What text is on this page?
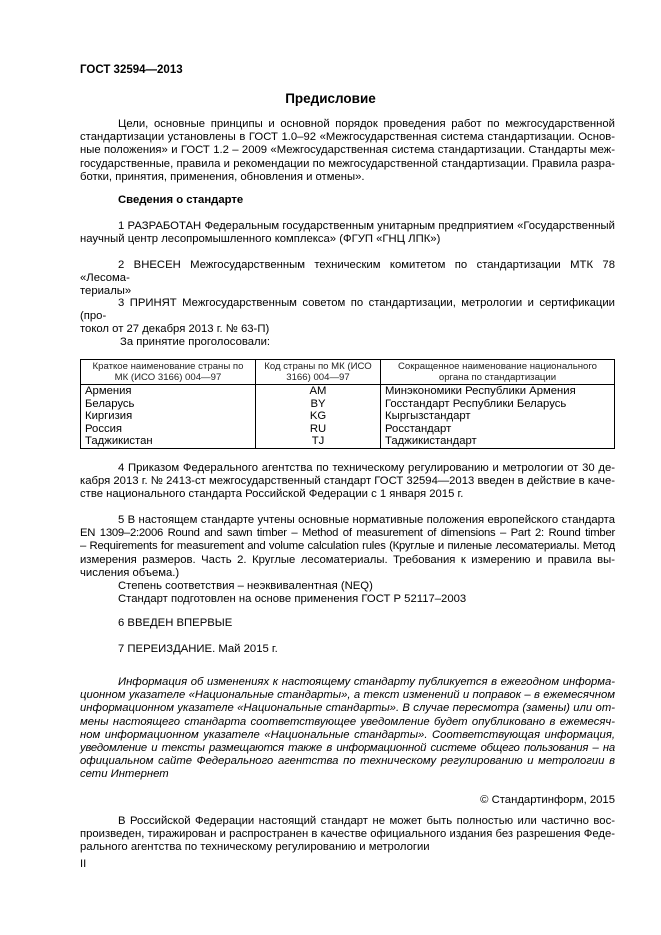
ГОСТ 32594—2013
Предисловие
Цели, основные принципы и основной порядок проведения работ по межгосударственной
стандартизации установлены в ГОСТ 1.0–92 «Межгосударственная система стандартизации. Основ-
ные положения» и ГОСТ 1.2 – 2009 «Межгосударственная система стандартизации. Стандарты меж-
государственные, правила и рекомендации по межгосударственной стандартизации. Правила разра-
ботки, принятия, применения, обновления и отмены».
Сведения о стандарте
1 РАЗРАБОТАН Федеральным государственным унитарным предприятием «Государственный
научный центр лесопромышленного комплекса» (ФГУП «ГНЦ ЛПК»)
2 ВНЕСЕН Межгосударственным техническим комитетом по стандартизации МТК 78 «Лесома-
териалы»
3 ПРИНЯТ Межгосударственным советом по стандартизации, метрологии и сертификации (про-
токол от 27 декабря 2013 г. № 63-П)
За принятие проголосовали:
Краткое наименование страны по МК (ИСО 3166) 004—97	Код страны по МК (ИСО 3166) 004—97	Сокращенное наименование национального органа по стандартизации
Армения	AM	Минэкономики Республики Армения
Беларусь	BY	Госстандарт Республики Беларусь
Киргизия	KG	Кыргызстандарт
Россия	RU	Росстандарт
Таджикистан	TJ	Таджикистандарт
4 Приказом Федерального агентства по техническому регулированию и метрологии от 30 де-
кабря 2013 г. № 2413-ст межгосударственный стандарт ГОСТ 32594—2013 введен в действие в каче-
стве национального стандарта Российской Федерации с 1 января 2015 г.
5 В настоящем стандарте учтены основные нормативные положения европейского стандарта
EN 1309–2:2006 Round and sawn timber – Method of measurement of dimensions – Part 2: Round timber
– Requirements for measurement and volume calculation rules (Круглые и пиленые лесоматериалы. Метод
измерения размеров. Часть 2. Круглые лесоматериалы. Требования к измерению и правила вы-
числения объема.)
Степень соответствия – неэквивалентная (NEQ)
Стандарт подготовлен на основе применения ГОСТ Р 52117–2003
6 ВВЕДЕН ВПЕРВЫЕ
7 ПЕРЕИЗДАНИЕ. Май 2015 г.
Информация об изменениях к настоящему стандарту публикуется в ежегодном информа-
ционном указателе «Национальные стандарты», а текст изменений и поправок – в ежемесячном
информационном указателе «Национальные стандарты». В случае пересмотра (замены) или от-
мены настоящего стандарта соответствующее уведомление будет опубликовано в ежемесяч-
ном информационном указателе «Национальные стандарты». Соответствующая информация,
уведомление и тексты размещаются также в информационной системе общего пользования – на
официальном сайте Федерального агентства по техническому регулированию и метрологии в
сети Интернет
© Стандартинформ, 2015
В Российской Федерации настоящий стандарт не может быть полностью или частично вос-
произведен, тиражирован и распространен в качестве официального издания без разрешения Феде-
рального агентства по техническому регулированию и метрологии
II
